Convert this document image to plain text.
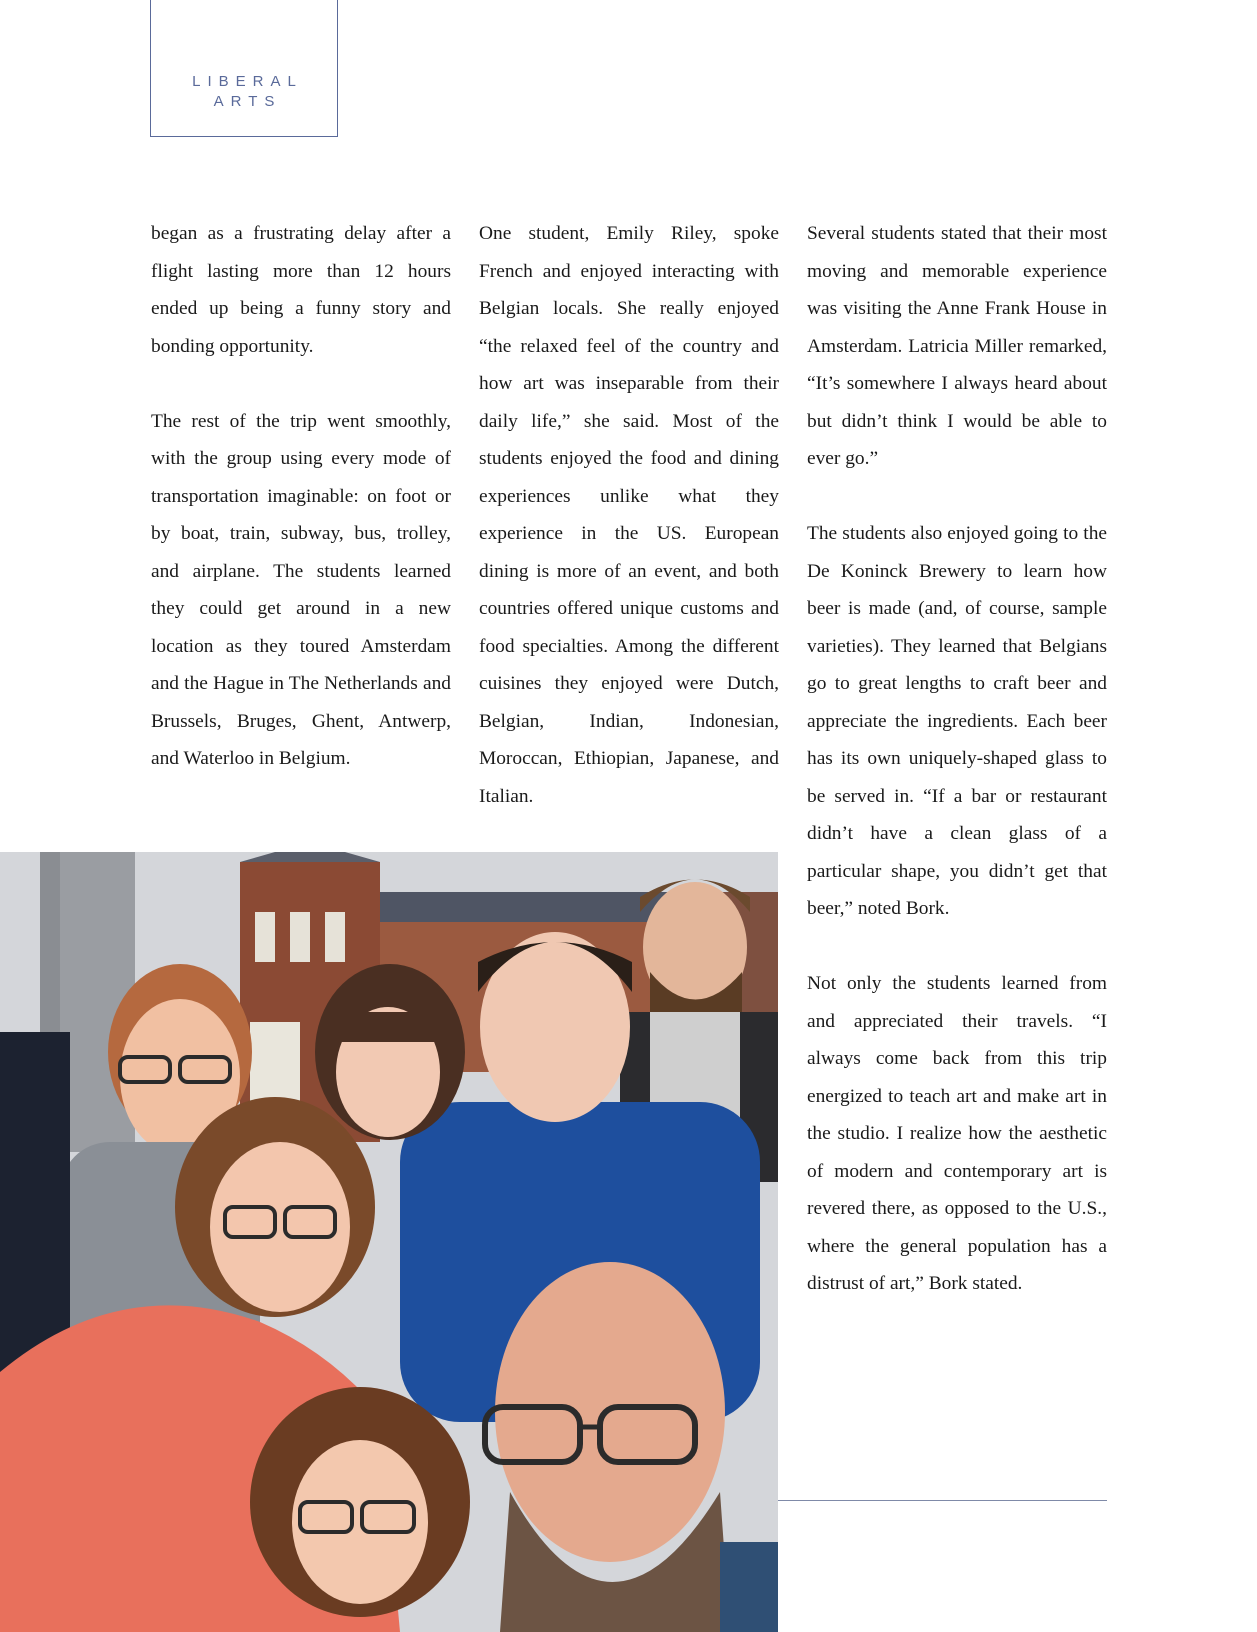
LIBERAL
ARTS

began as a frustrating delay after a flight lasting more than 12 hours ended up being a funny story and bonding opportunity.

The rest of the trip went smoothly, with the group using every mode of transportation imaginable: on foot or by boat, train, subway, bus, trolley, and airplane. The students learned they could get around in a new location as they toured Amsterdam and the Hague in The Netherlands and Brussels, Bruges, Ghent, Antwerp, and Waterloo in Belgium.

One student, Emily Riley, spoke French and enjoyed interacting with Belgian locals. She really enjoyed “the relaxed feel of the country and how art was inseparable from their daily life,” she said. Most of the students enjoyed the food and dining experiences unlike what they experience in the US. European dining is more of an event, and both countries offered unique customs and food specialties. Among the different cuisines they enjoyed were Dutch, Belgian, Indian, Indonesian, Moroccan, Ethiopian, Japanese, and Italian.

Several students stated that their most moving and memorable experience was visiting the Anne Frank House in Amsterdam. Latricia Miller remarked, “It’s somewhere I always heard about but didn’t think I would be able to ever go.”

The students also enjoyed going to the De Koninck Brewery to learn how beer is made (and, of course, sample varieties). They learned that Belgians go to great lengths to craft beer and appreciate the ingredients. Each beer has its own uniquely-shaped glass to be served in. “If a bar or restaurant didn’t have a clean glass of a particular shape, you didn’t get that beer,” noted Bork.

Not only the students learned from and appreciated their travels. “I always come back from this trip energized to teach art and make art in the studio. I realize how the aesthetic of modern and contemporary art is revered there, as opposed to the U.S., where the general population has a distrust of art,” Bork stated.
